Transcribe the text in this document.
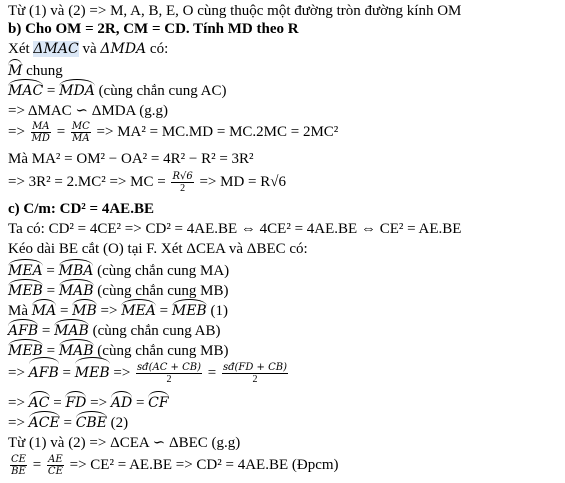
Từ (1) và (2) => M, A, B, E, O cùng thuộc một đường tròn đường kính OM
b) Cho OM = 2R, CM = CD. Tính MD theo R
Xét ΔMAC và ΔMDA có:
M chung
MAC = MDA (cùng chắn cung AC)
=> ΔMAC ∽ ΔMDA (g.g)
=> $\frac{MA}{MD} = \frac{MC}{MA} => MA^2 = MC.MD = MC.2MC = 2MC^2$
Mà MA² = OM² − OA² = 4R² − R² = 3R²
=> 3R² = 2.MC² => MC = $\frac{R√6}{2}$ => MD = R√6
c) C/m: CD² = 4AE.BE
Ta có: CD² = 4CE² => CD² = 4AE.BE ⇔ 4CE² = 4AE.BE ⇔ CE² = AE.BE
Kéo dài BE cắt (O) tại F. Xét ΔCEA và ΔBEC có:
MEA = MBA (cùng chắn cung MA)
MEB = MAB (cùng chắn cung MB)
Mà MA = MB => MEA = MEB (1)
AFB = MAB (cùng chắn cung AB)
MEB = MAB (cùng chắn cung MB)
=> AFB = MEB => $\frac{sđ(AC + CB)}{2} = \frac{sđ(FD + CB)}{2}$
=> AC = FD => AD = CF
=> ACE = CBE (2)
Từ (1) và (2) => ΔCEA ∽ ΔBEC (g.g)
$\frac{CE}{BE} = \frac{AE}{CE} => CE^2 = AE.BE => CD^2 = 4AE.BE$ (Đpcm)
